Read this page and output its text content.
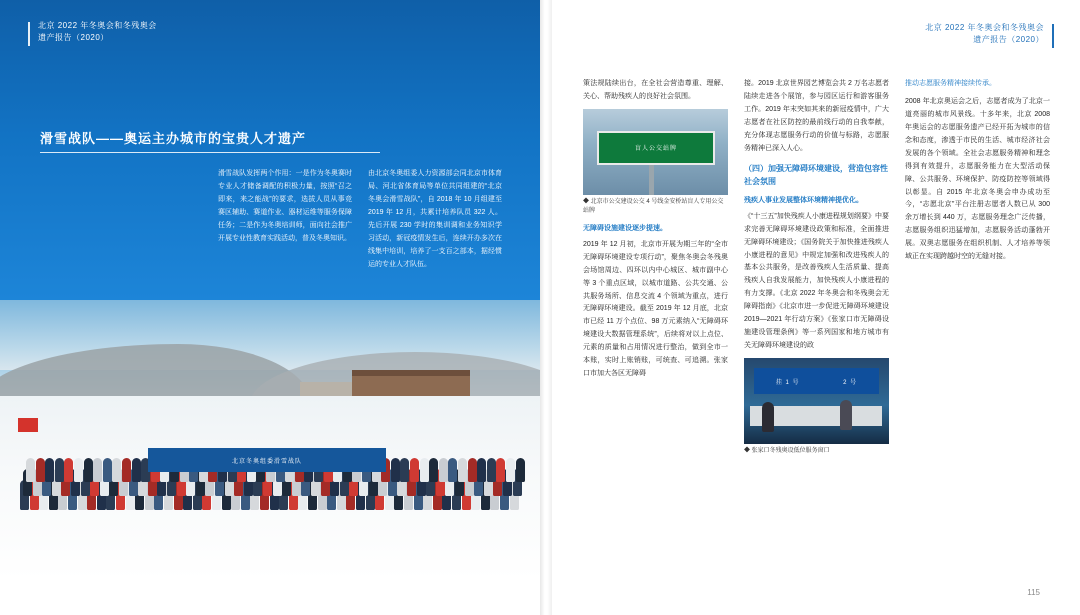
北京 2022 年冬奥会和冬残奥会
遗产报告（2020）
滑雪战队——奥运主办城市的宝贵人才遗产
由北京冬奥组委人力资源部会同北京市体育局、河北省体育局等单位共同组建的“北京冬奥会滑雪战队”，自 2018 年 10 月组建至 2019 年 12 月，共累计培养队员 322 人。先后开展 230 学时的集训调和业务知识学习活动，新冠疫情发生后，连续开办多次在线集中培训，培养了一支百之部本，据经惯运的专业人才队伍。
滑雪战队发挥两个作用：一是作为冬奥赛时专业人才储备调配的积极力量，按照“召之即来，来之能战”的要求，选拔人员从事竞赛区辅助、赛道作业、器材运维等服务保障任务；二是作为冬奥培训师，面向社会推广开展专业性教育实践活动，普及冬奥知识。
北京冬奥组委滑雪战队
114
北京 2022 年冬奥会和冬残奥会
遗产报告（2020）

推动志愿服务精神接续传承。

2008 年北京奥运会之后，志愿者成为了北京一道亮丽的城市风景线。十多年来，北京 2008 年奥运会的志愿服务遗产已经开拓为城市的信念和态度，渗透于市民的生活、城市经济社会发展的各个领域。全社会志愿服务精神和理念得到有效提升，志愿服务能力在大型活动保障、公共服务、环境保护、防疫防控等领域得以彰显。自 2015 年北京冬奥会申办成功至今，“志愿北京”平台注册志愿者人数已从 300 余万增长到 440 万，志愿服务理念广泛传播，志愿服务组织迅猛增加，志愿服务活动蓬勃开展。双奥志愿服务在组织机制、人才培养等领域正在实现跨越时空的无缝对接。

接。2019 北京世界园艺博览会共 2 万名志愿者陆续走进各个展馆，参与园区运行和游客服务工作。2019 年末突如其来的新冠疫情中，广大志愿者在社区防控的最前线行动的自我奉献，充分体现志愿服务行动的价值与标路，志愿服务精神已深入人心。

（四）加强无障碍环境建设，营造包容性社会氛围
残疾人事业发展整体环境精神提优化。

《“十三五”加快残疾人小康进程规划纲要》中要求完善无障碍环境建设政策和标准，全面推进无障碍环境建设；《国务院关于加快推进残疾人小康进程的意见》中规定加强和改进残疾人的基本公共服务，是改善残疾人生活质量、提高残疾人自我发展能力，加快残疾人小康进程的有力支撑。《北京 2022 年冬奥会和冬残奥会无障碍指南》《北京市进一步促进无障碍环境建设 2019—2021 年行动方案》《张家口市无障碍设施建设管理条例》等一系列国家和地方城市有关无障碍环境建设的政

挂 1 号	2 号
◆ 张家口冬残奥设低位服务窗口

策法规陆续出台，在全社会营造尊重、理解、关心、帮助残疾人的良好社会氛围。

盲人公交站牌
◆ 北京市公交建设公交 4 号线金安桥站盲人专用公交站牌
无障碍设施建设逐步提速。

2019 年 12 月初，北京市开展为期三年的“全市无障碍环境建设专项行动”，聚焦冬奥会冬残奥会场馆周边、四环以内中心城区、城市副中心等 3 个重点区域，以城市道路、公共交通、公共服务场所、信息交流 4 个领域为重点，进行无障碍环境建设。截至 2019 年 12 月底，北京市已经 11 万个点位、98 万元素纳入“无障碍环境建设大数据管理系统”，后续将对以上点位、元素的质量和占用情况进行整治，做到全市一本账，实时上账销账，可统查、可追溯。张家口市加大各区无障碍

115
